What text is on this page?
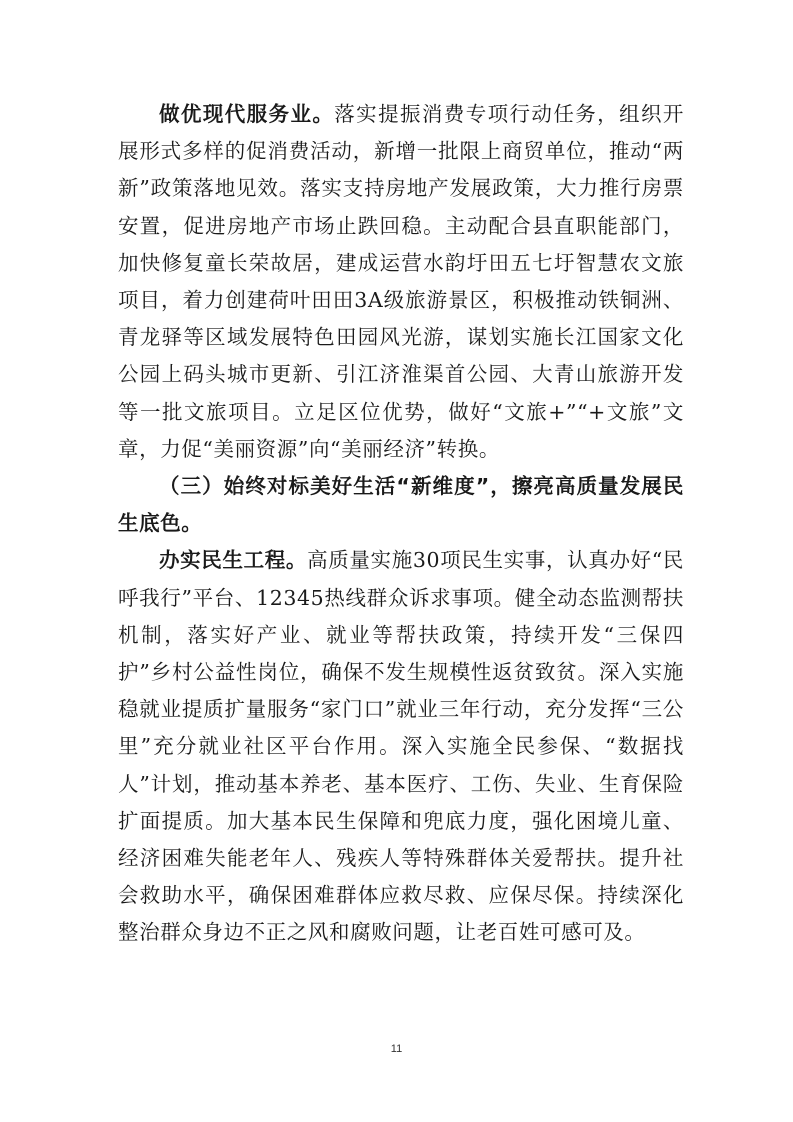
做优现代服务业。落实提振消费专项行动任务，组织开展形式多样的促消费活动，新增一批限上商贸单位，推动“两新”政策落地见效。落实支持房地产发展政策，大力推行房票安置，促进房地产市场止跌回稳。主动配合县直职能部门，加快修复童长荣故居，建成运营水韵圩田五七圩智慧农文旅项目，着力创建荷叶田田3A级旅游景区，积极推动铁铜洲、青龙驿等区域发展特色田园风光游，谋划实施长江国家文化公园上码头城市更新、引江济淮渠首公园、大青山旅游开发等一批文旅项目。立足区位优势，做好“文旅+”“+文旅”文章，力促“美丽资源”向“美丽经济”转换。

（三）始终对标美好生活“新维度”，擦亮高质量发展民生底色。

办实民生工程。高质量实施30项民生实事，认真办好“民呼我行”平台、12345热线群众诉求事项。健全动态监测帮扶机制，落实好产业、就业等帮扶政策，持续开发“三保四护”乡村公益性岗位，确保不发生规模性返贫致贫。深入实施稳就业提质扩量服务“家门口”就业三年行动，充分发挥“三公里”充分就业社区平台作用。深入实施全民参保、“数据找人”计划，推动基本养老、基本医疗、工伤、失业、生育保险扩面提质。加大基本民生保障和兜底力度，强化困境儿童、经济困难失能老年人、残疾人等特殊群体关爱帮扶。提升社会救助水平，确保困难群体应救尽救、应保尽保。持续深化整治群众身边不正之风和腐败问题，让老百姓可感可及。

11
